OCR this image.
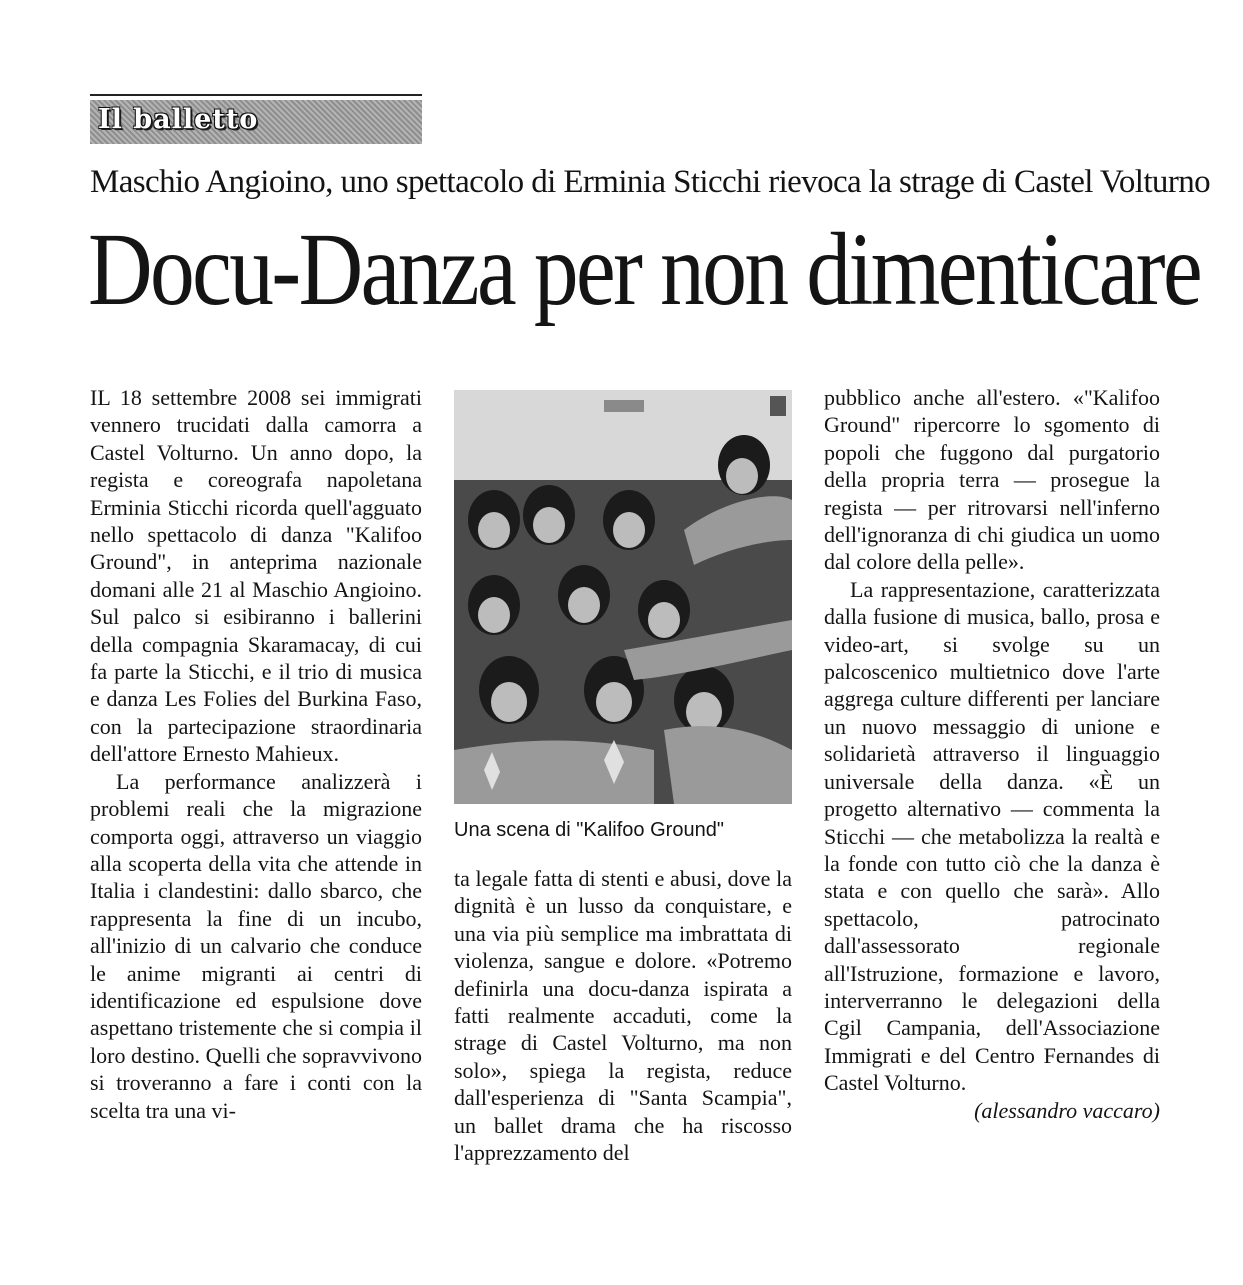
Il balletto
Maschio Angioino, uno spettacolo di Erminia Sticchi rievoca la strage di Castel Volturno
Docu-Danza per non dimenticare

IL 18 settembre 2008 sei immigrati vennero trucidati dalla camorra a Castel Volturno. Un anno dopo, la regista e coreografa napoletana Erminia Sticchi ricorda quell'agguato nello spettacolo di danza "Kalifoo Ground", in anteprima nazionale domani alle 21 al Maschio Angioino. Sul palco si esibiranno i ballerini della compagnia Skaramacay, di cui fa parte la Sticchi, e il trio di musica e danza Les Folies del Burkina Faso, con la partecipazione straordinaria dell'attore Ernesto Mahieux.

La performance analizzerà i problemi reali che la migrazione comporta oggi, attraverso un viaggio alla scoperta della vita che attende in Italia i clandestini: dallo sbarco, che rappresenta la fine di un incubo, all'inizio di un calvario che conduce le anime migranti ai centri di identificazione ed espulsione dove aspettano tristemente che si compia il loro destino. Quelli che sopravvivono si troveranno a fare i conti con la scelta tra una vi-

Una scena di "Kalifoo Ground"

ta legale fatta di stenti e abusi, dove la dignità è un lusso da conquistare, e una via più semplice ma imbrattata di violenza, sangue e dolore. «Potremo definirla una docu-danza ispirata a fatti realmente accaduti, come la strage di Castel Volturno, ma non solo», spiega la regista, reduce dall'esperienza di "Santa Scampia", un ballet drama che ha riscosso l'apprezzamento del

pubblico anche all'estero. «"Kalifoo Ground" ripercorre lo sgomento di popoli che fuggono dal purgatorio della propria terra — prosegue la regista — per ritrovarsi nell'inferno dell'ignoranza di chi giudica un uomo dal colore della pelle».

La rappresentazione, caratterizzata dalla fusione di musica, ballo, prosa e video-art, si svolge su un palcoscenico multietnico dove l'arte aggrega culture differenti per lanciare un nuovo messaggio di unione e solidarietà attraverso il linguaggio universale della danza. «È un progetto alternativo — commenta la Sticchi — che metabolizza la realtà e la fonde con tutto ciò che la danza è stata e con quello che sarà». Allo spettacolo, patrocinato dall'assessorato regionale all'Istruzione, formazione e lavoro, interverranno le delegazioni della Cgil Campania, dell'Associazione Immigrati e del Centro Fernandes di Castel Volturno.

(alessandro vaccaro)
